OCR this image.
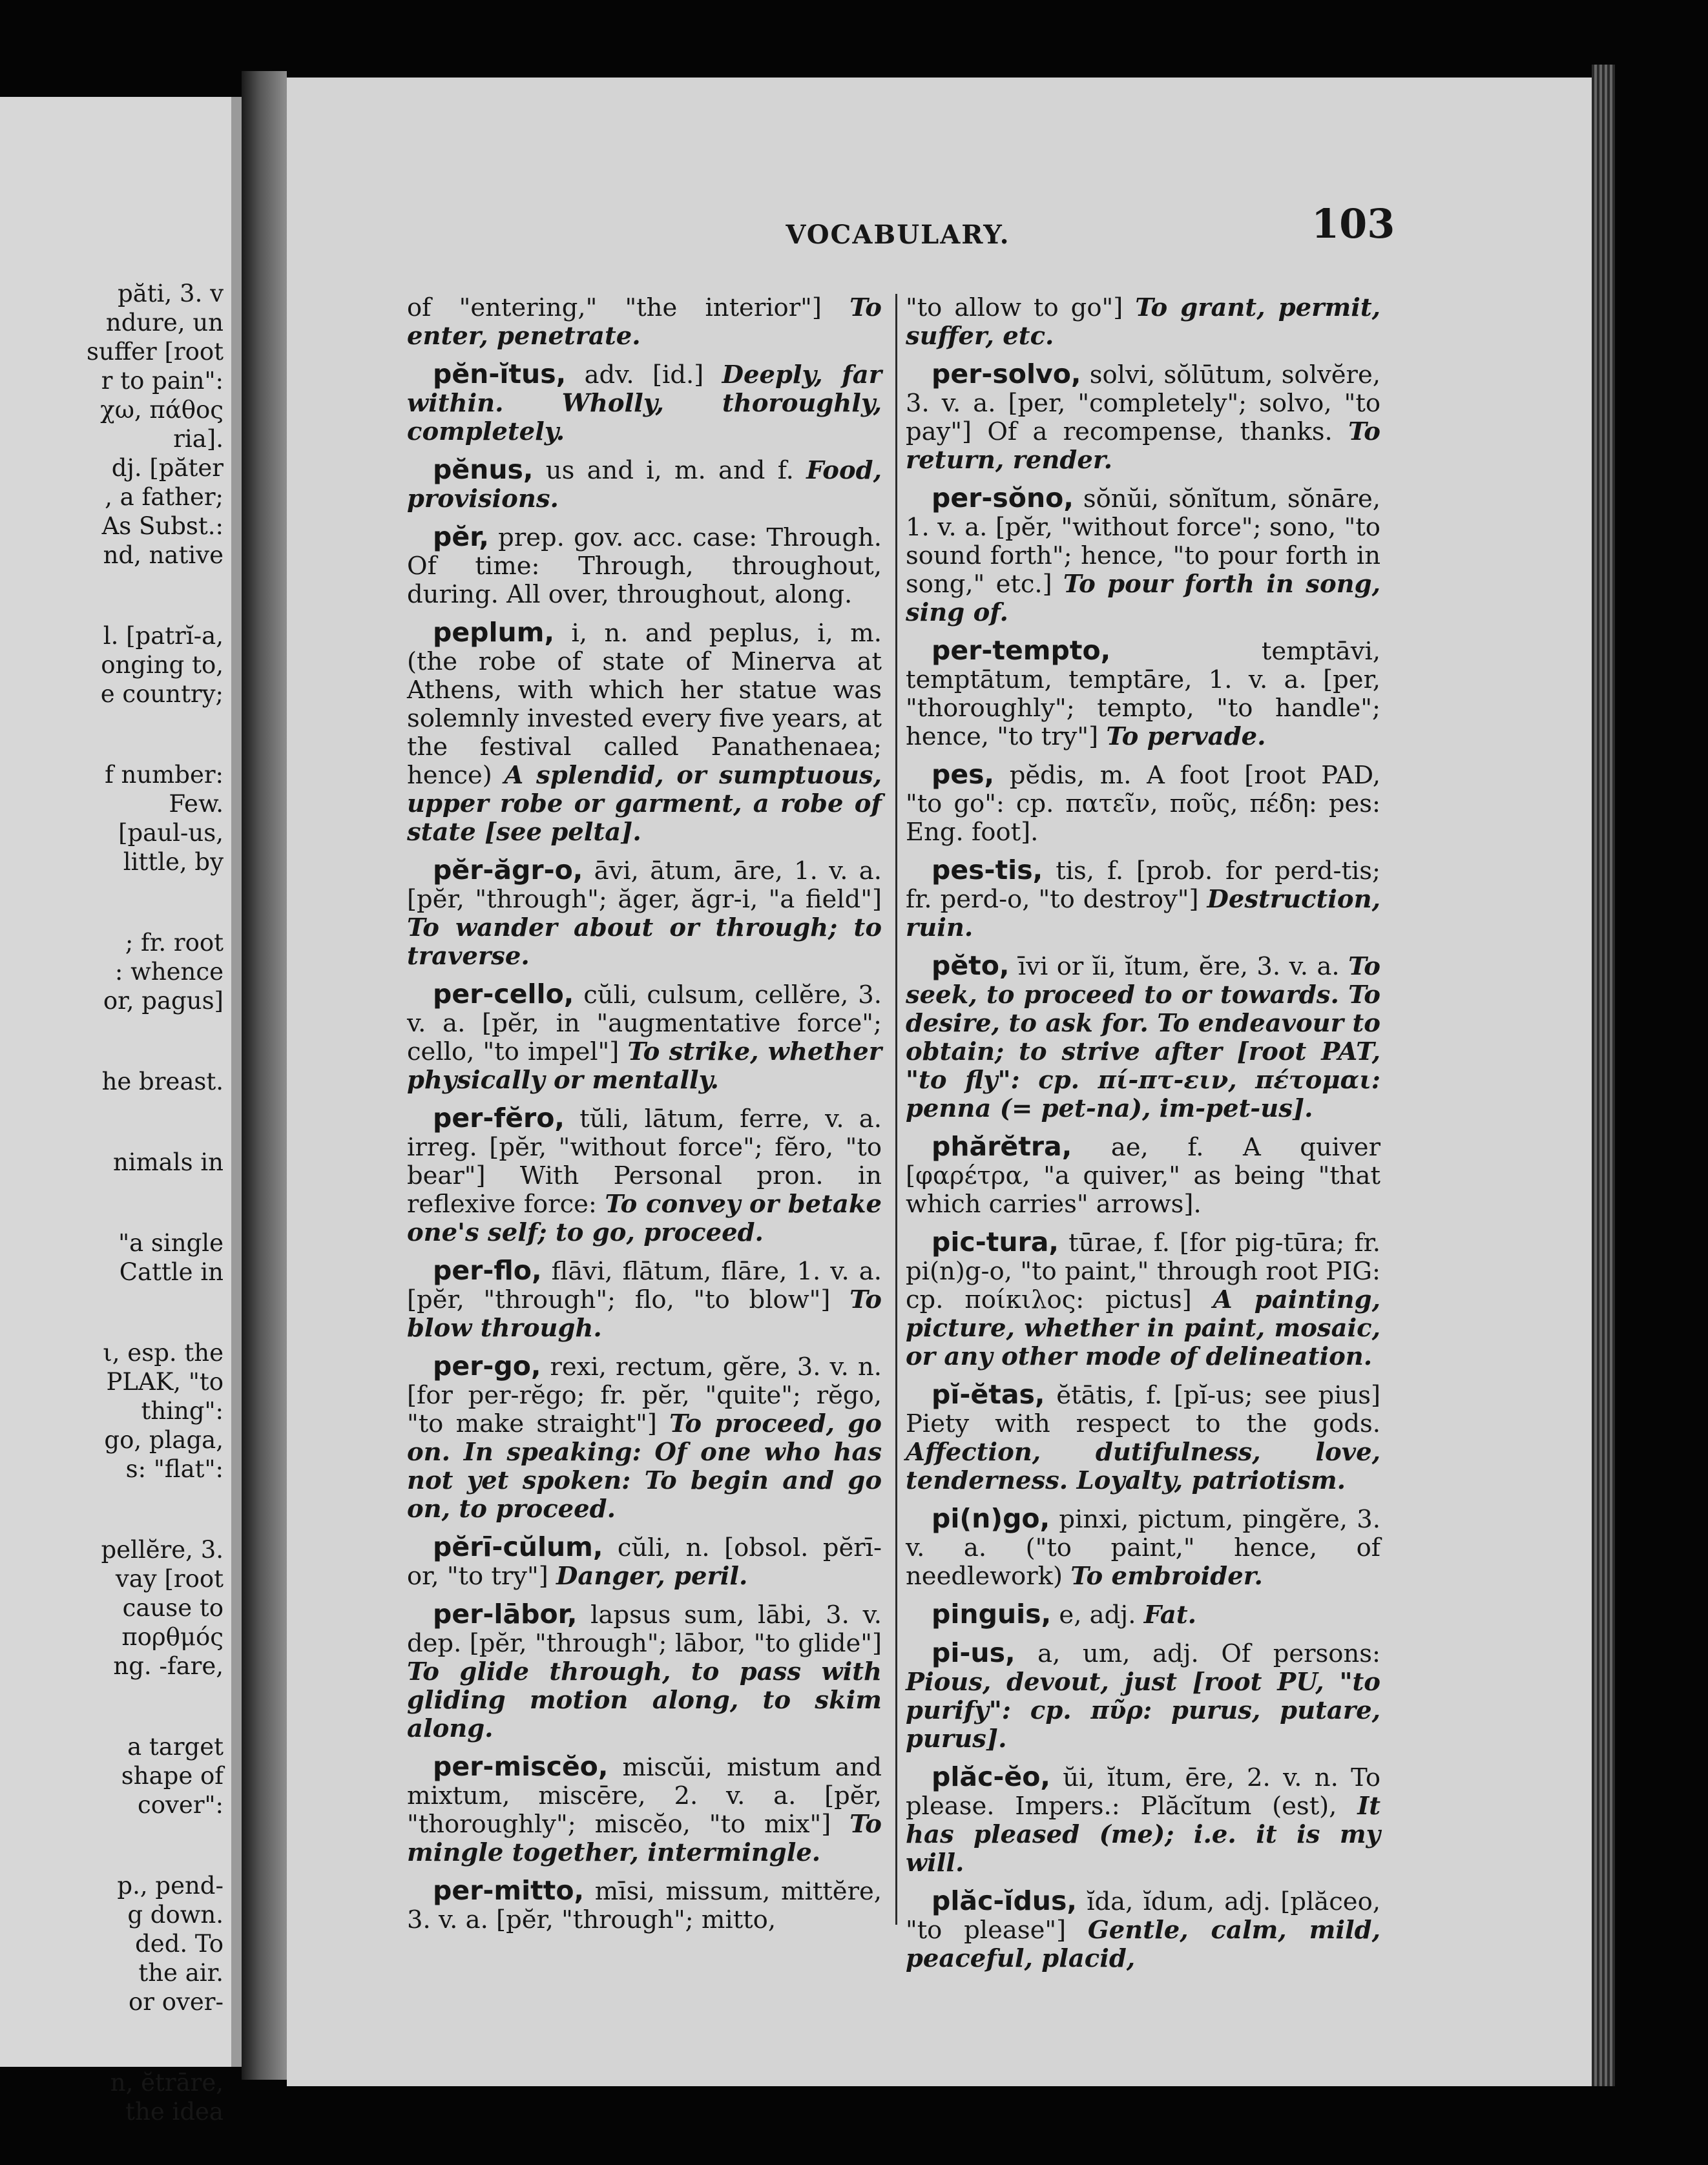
păti, 3. v
ndure, un
suffer [root
r to pain":
χω, πάθος
ria].
dj. [păter
, a father;
As Subst.:
nd, native
l. [patrĭ-a,
onging to,
e country;
f number:
Few.
[paul-us,
little, by
; fr. root
: whence
or, pagus]
he breast.
nimals in
"a single
Cattle in
ι, esp. the
PLAK, "to
thing":
go, plaga,
s: "flat":
pellĕre, 3.
vay [root
cause to
πορθμός
ng. -fare,
a target
shape of
cover":
p., pend-
g down.
ded. To
the air.
or over-
n, ĕtrāre,
the idea
VOCABULARY.	103

of "entering," "the interior"] To enter, penetrate.

pĕn-ĭtus, adv. [id.] Deeply, far within. Wholly, thoroughly, completely.

pĕnus, us and i, m. and f. Food, provisions.

pĕr, prep. gov. acc. case: Through. Of time: Through, throughout, during. All over, throughout, along.

peplum, i, n. and peplus, i, m. (the robe of state of Minerva at Athens, with which her statue was solemnly invested every five years, at the festival called Panathenaea; hence) A splendid, or sumptuous, upper robe or garment, a robe of state [see pelta].

pĕr-ăgr-o, āvi, ātum, āre, 1. v. a. [pĕr, "through"; ăger, ăgr-i, "a field"] To wander about or through; to traverse.

per-cello, cŭli, culsum, cellĕre, 3. v. a. [pĕr, in "augmentative force"; cello, "to impel"] To strike, whether physically or mentally.

per-fĕro, tŭli, lātum, ferre, v. a. irreg. [pĕr, "without force"; fĕro, "to bear"] With Personal pron. in reflexive force: To convey or betake one's self; to go, proceed.

per-flo, flāvi, flātum, flāre, 1. v. a. [pĕr, "through"; flo, "to blow"] To blow through.

per-go, rexi, rectum, gĕre, 3. v. n. [for per-rĕgo; fr. pĕr, "quite"; rĕgo, "to make straight"] To proceed, go on. In speaking: Of one who has not yet spoken: To begin and go on, to proceed.

pĕrī-cŭlum, cŭli, n. [obsol. pĕrī-or, "to try"] Danger, peril.

per-lābor, lapsus sum, lābi, 3. v. dep. [pĕr, "through"; lābor, "to glide"] To glide through, to pass with gliding motion along, to skim along.

per-miscĕo, miscŭi, mistum and mixtum, miscēre, 2. v. a. [pĕr, "thoroughly"; miscĕo, "to mix"] To mingle together, intermingle.

per-mitto, mīsi, missum, mittĕre, 3. v. a. [pĕr, "through"; mitto,

"to allow to go"] To grant, permit, suffer, etc.

per-solvo, solvi, sŏlūtum, solvĕre, 3. v. a. [per, "completely"; solvo, "to pay"] Of a recompense, thanks. To return, render.

per-sŏno, sŏnŭi, sŏnĭtum, sŏnāre, 1. v. a. [pĕr, "without force"; sono, "to sound forth"; hence, "to pour forth in song," etc.] To pour forth in song, sing of.

per-tempto, temptāvi, temptātum, temptāre, 1. v. a. [per, "thoroughly"; tempto, "to handle"; hence, "to try"] To pervade.

pes, pĕdis, m. A foot [root PAD, "to go": cp. πατεῖν, ποῦς, πέδη: pes: Eng. foot].

pes-tis, tis, f. [prob. for perd-tis; fr. perd-o, "to destroy"] Destruction, ruin.

pĕto, īvi or ĭi, ĭtum, ĕre, 3. v. a. To seek, to proceed to or towards. To desire, to ask for. To endeavour to obtain; to strive after [root PAT, "to fly": cp. πί-πτ-ειν, πέτομαι: penna (= pet-na), im-pet-us].

phărĕtra, ae, f. A quiver [φαρέτρα, "a quiver," as being "that which carries" arrows].

pic-tura, tūrae, f. [for pig-tūra; fr. pi(n)g-o, "to paint," through root PIG: cp. ποίκιλος: pictus] A painting, picture, whether in paint, mosaic, or any other mode of delineation.

pĭ-ĕtas, ĕtātis, f. [pĭ-us; see pius] Piety with respect to the gods. Affection, dutifulness, love, tenderness. Loyalty, patriotism.

pi(n)go, pinxi, pictum, pingĕre, 3. v. a. ("to paint," hence, of needlework) To embroider.

pinguis, e, adj. Fat.

pi-us, a, um, adj. Of persons: Pious, devout, just [root PU, "to purify": cp. πῦρ: purus, putare, purus].

plăc-ĕo, ŭi, ĭtum, ēre, 2. v. n. To please. Impers.: Plăcĭtum (est), It has pleased (me); i.e. it is my will.

plăc-ĭdus, ĭda, ĭdum, adj. [plăceo, "to please"] Gentle, calm, mild, peaceful, placid,
